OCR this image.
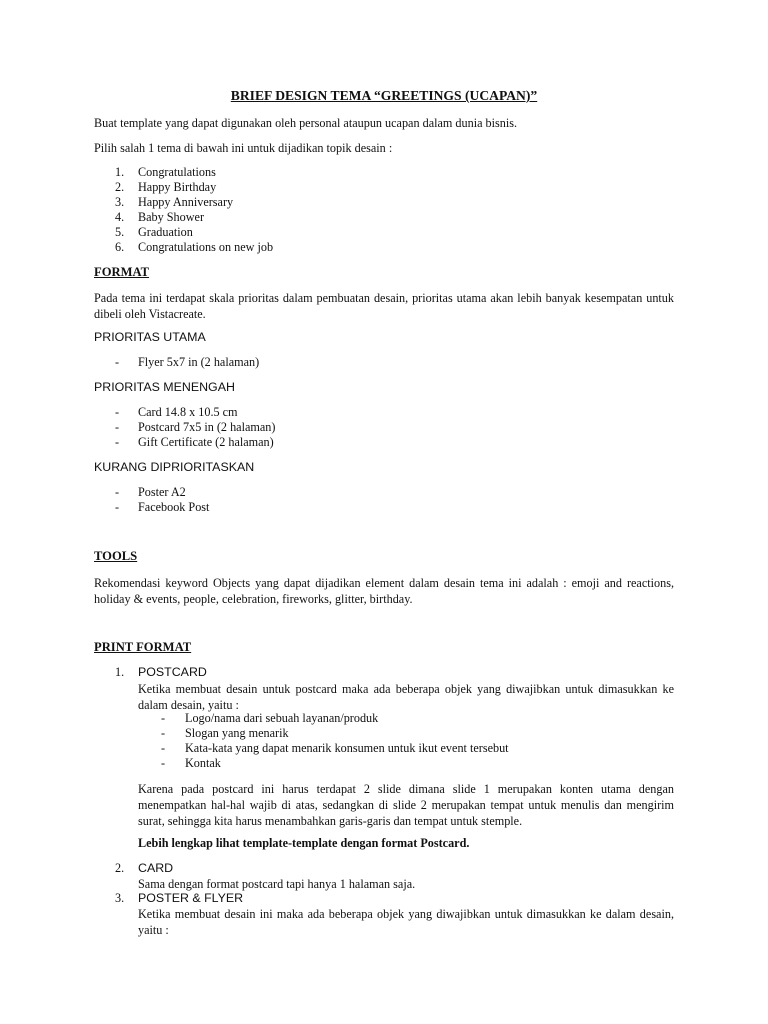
BRIEF DESIGN TEMA “GREETINGS (UCAPAN)”
Buat template yang dapat digunakan oleh personal ataupun ucapan dalam dunia bisnis.
Pilih salah 1 tema di bawah ini untuk dijadikan topik desain :
1. Congratulations
2. Happy Birthday
3. Happy Anniversary
4. Baby Shower
5. Graduation
6. Congratulations on new job
FORMAT
Pada tema ini terdapat skala prioritas dalam pembuatan desain, prioritas utama akan lebih banyak kesempatan untuk dibeli oleh Vistacreate.
PRIORITAS UTAMA
- Flyer 5x7 in (2 halaman)
PRIORITAS MENENGAH
- Card 14.8 x 10.5 cm
- Postcard 7x5 in (2 halaman)
- Gift Certificate (2 halaman)
KURANG DIPRIORITASKAN
- Poster A2
- Facebook Post
TOOLS
Rekomendasi keyword Objects yang dapat dijadikan element dalam desain tema ini adalah : emoji and reactions, holiday & events, people, celebration, fireworks, glitter, birthday.
PRINT FORMAT
1. POSTCARD
Ketika membuat desain untuk postcard maka ada beberapa objek yang diwajibkan untuk dimasukkan ke dalam desain, yaitu :
- Logo/nama dari sebuah layanan/produk
- Slogan yang menarik
- Kata-kata yang dapat menarik konsumen untuk ikut event tersebut
- Kontak
Karena pada postcard ini harus terdapat 2 slide dimana slide 1 merupakan konten utama dengan menempatkan hal-hal wajib di atas, sedangkan di slide 2 merupakan tempat untuk menulis dan mengirim surat, sehingga kita harus menambahkan garis-garis dan tempat untuk stemple.
Lebih lengkap lihat template-template dengan format Postcard.
2. CARD
Sama dengan format postcard tapi hanya 1 halaman saja.
3. POSTER & FLYER
Ketika membuat desain ini maka ada beberapa objek yang diwajibkan untuk dimasukkan ke dalam desain, yaitu :
